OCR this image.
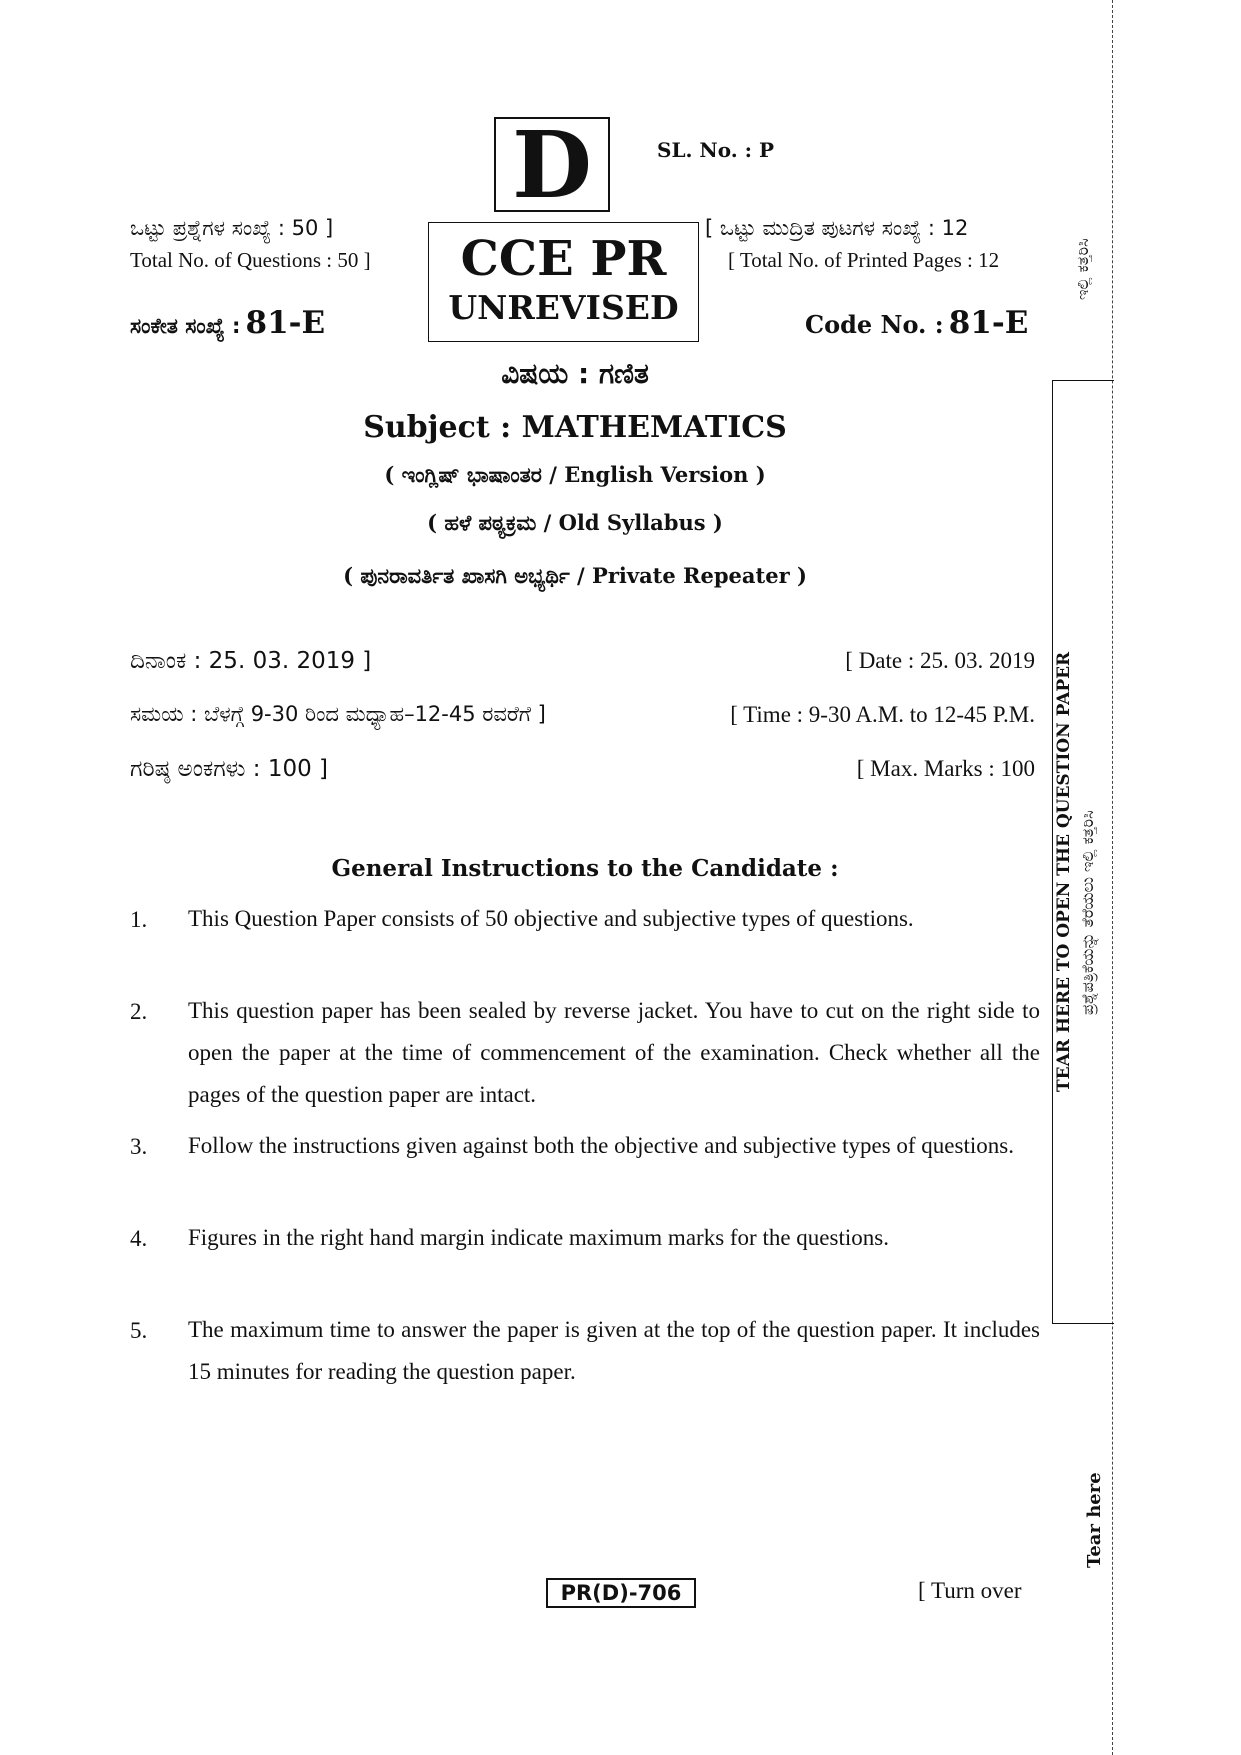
D	SL. No. : P
CCE PR
UNREVISED
ಒಟ್ಟು ಪ್ರಶ್ನೆಗಳ ಸಂಖ್ಯೆ : 50 ]
Total No. of Questions : 50 ]
ಸಂಕೇತ ಸಂಖ್ಯೆ : 81-E
[ ಒಟ್ಟು ಮುದ್ರಿತ ಪುಟಗಳ ಸಂಖ್ಯೆ : 12
[ Total No. of Printed Pages : 12
Code No. : 81-E
ವಿಷಯ : ಗಣಿತ
Subject : MATHEMATICS
( ಇಂಗ್ಲಿಷ್ ಭಾಷಾಂತರ / English Version )
( ಹಳೆ ಪಠ್ಯಕ್ರಮ / Old Syllabus )
( ಪುನರಾವರ್ತಿತ ಖಾಸಗಿ ಅಭ್ಯರ್ಥಿ / Private Repeater )
ದಿನಾಂಕ : 25. 03. 2019 ]	[ Date : 25. 03. 2019
ಸಮಯ : ಬೆಳಗ್ಗೆ 9-30 ರಿಂದ ಮಧ್ಯಾಹ–12-45 ರವರೆಗೆ ]	[ Time : 9-30 A.M. to 12-45 P.M.
ಗರಿಷ್ಠ ಅಂಕಗಳು : 100 ]	[ Max. Marks : 100
General Instructions to the Candidate :
1. This Question Paper consists of 50 objective and subjective types of questions.
2. This question paper has been sealed by reverse jacket. You have to cut on the right side to open the paper at the time of commencement of the examination. Check whether all the pages of the question paper are intact.
3. Follow the instructions given against both the objective and subjective types of questions.
4. Figures in the right hand margin indicate maximum marks for the questions.
5. The maximum time to answer the paper is given at the top of the question paper. It includes 15 minutes for reading the question paper.
ಇಲ್ಲಿ ಕತ್ತರಿಸಿ
TEAR HERE TO OPEN THE QUESTION PAPER ಪ್ರಶ್ನೆಪತ್ರಿಕೆಯನ್ನು ತೆರೆಯಲು ಇಲ್ಲಿ ಕತ್ತರಿಸಿ
Tear here
PR(D)-706	[ Turn over
